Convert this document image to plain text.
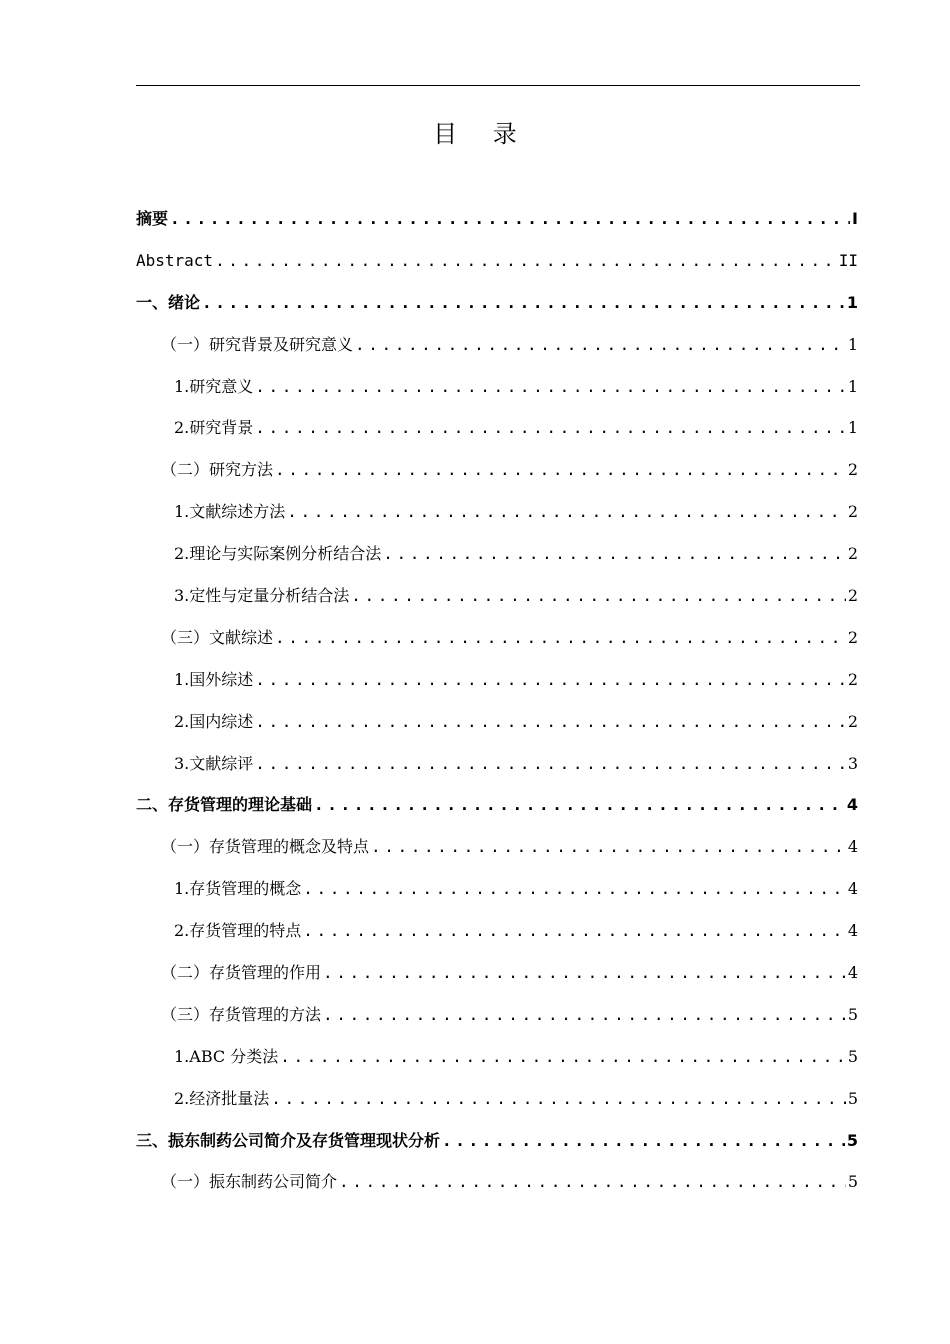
目 录
摘要 .....	I
Abstract .....	II
一、绪论 .....	1
（一）研究背景及研究意义 .....	1
1.研究意义 .....	1
2.研究背景 .....	1
（二）研究方法 .....	2
1.文献综述方法 .....	2
2.理论与实际案例分析结合法 .....	2
3.定性与定量分析结合法 .....	2
（三）文献综述 .....	2
1.国外综述 .....	2
2.国内综述 .....	2
3.文献综评 .....	3
二、存货管理的理论基础 .....	4
（一）存货管理的概念及特点 .....	4
1.存货管理的概念 .....	4
2.存货管理的特点 .....	4
（二）存货管理的作用 .....	4
（三）存货管理的方法 .....	5
1.ABC 分类法 .....	5
2.经济批量法 .....	5
三、振东制药公司简介及存货管理现状分析 .....	5
（一）振东制药公司简介 .....	5
